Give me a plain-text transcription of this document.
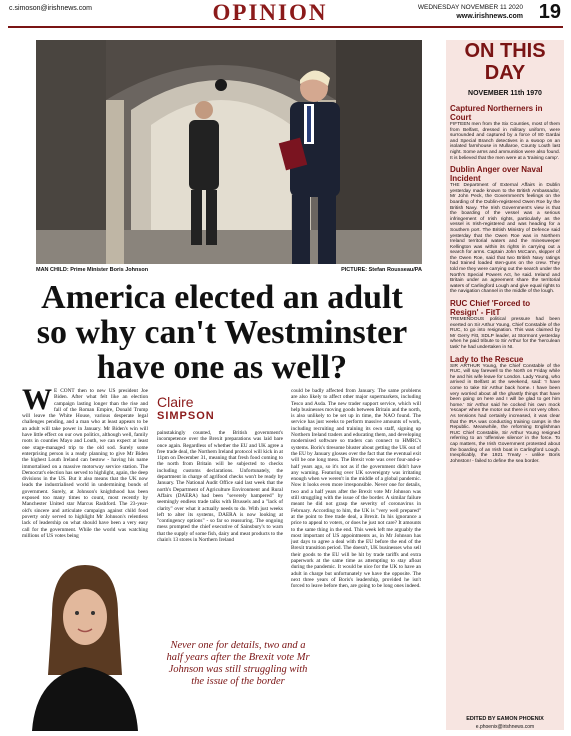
c.simoson@irishnews.com	OPINION	WEDNESDAY NOVEMBER 11 2020
www.irishnews.com 19
MAN CHILD: Prime Minister Boris Johnson	PICTURE: Stefan Rousseau/PA
America elected an adult so why can't Westminster have one as well?
W E CONT then to new US president Joe Biden. After what felt like an election campaign lasting longer than the rise and fall of the Roman Empire, Donald Trump will leave the White House, various desperate legal challenges pending, and a man who at least appears to be an adult will take power in January. Mr Biden's win will have little effect on our own politics, although well, family roots in counties Mayo and Louth, we can expect at least one stage-managed trip to the old sod. Surely some enterprising person is a ready planning to give Mr Biden the highest Louth Ireland can bestow - having his name immortalised on a massive motorway service station. The Democrat's election has served to highlight, again, the deep divisions in the US. But it also means that the UK now leads the industrialised world in undermining bonds of government. Surely, at Johnson's knighthood has been exposed too many times to count, most recently by Manchester United star Marcus Rashford. The 23-year-old's sincere and articulate campaign against child food poverty only served to highlight Mr Johnson's relentless lack of leadership on what should have been a very easy call for the government. While the world was watching millions of US votes being
Claire
SIMPSON
painstakingly counted, the British government's incompetence over the Brexit preparations was laid bare once again. Regardless of whether the EU and UK agree a free trade deal, the Northern Ireland protocol will kick in at 11pm on December 31, meaning that fresh food coming to the north from Britain will be subjected to checks including customs declarations. Unfortunately, the department in charge of agrifood checks won't be ready by January. The National Audit Office said last week that the north's Department of Agriculture Environment and Rural Affairs (DAERA) had been "severely hampered" by seemingly endless trade talks with Brussels and a "lack of clarity" over what it actually needs to do. With just weeks left to alter its systems, DAERA is now looking at "contingency options" - so far so reassuring. The ongoing mess prompted the chief executive of Sainsbury's to warn that the supply of some fish, dairy and meat products to the chain's 13 stores in Northern Ireland
could be badly affected from January. The same problems are also likely to affect other major supermarkets, including Tesco and Asda. The new trader support service, which will help businesses moving goods between Britain and the north, is also unlikely to be set up in time, the NAO found. The service has just weeks to perform massive amounts of work, including recruiting and training its own staff, signing up Northern Ireland traders and educating them, and developing modernised software so traders can connect to HMRC's systems. Boris's tiresome bluster about getting the UK out of the EU by January glosses over the fact that the eventual exit will be one long mess. The Brexit vote was over four-and-a-half years ago, so it's not as if the government didn't have any warning. Featuring over UK sovereignty was irritating enough when we weren't in the middle of a global pandemic. Now it looks even more irresponsible. Never one for details, two and a half years after the Brexit vote Mr Johnson was still struggling with the issue of the border. A similar failure meant he did not grasp the severity of coronavirus in February. According to him, the UK is "very well prepared" at the point to free trade deal, a Brexit. In his ignorance a price to appeal to voters, or does he just not care? It amounts to the same thing in the end. This week left me arguably the most important of US appointments as, in Mr Johnson has just days to agree a deal with the EU before the end of the Brexit transition period. The doesn't, UK businesses who sell their goods to the EU will be hit by trade tariffs and extra paperwork at the same time as attempting to stay afloat during the pandemic. It would be nice for the UK to have an adult in charge but unfortunately we have the opposite. The next three years of Boris's leadership, provided he isn't forced to leave before then, are going to be long ones indeed.
Never one for details, two and a half years after the Brexit vote Mr Johnson was still struggling with the issue of the border
ON THIS
DAY
NOVEMBER 11th 1970
Captured Northerners in Court
FIFTEEN men from the Six Counties, most of them from Belfast, dressed in military uniform, were surrounded and captured by a force of 80 Gardai and Special Branch detectives in a swoop on an isolated farmhouse in Mullaroe, County Louth last night. Some arms and ammunition were also found. It is believed that the men were at a 'training camp'.
Dublin Anger over Naval Incident
THE Department of External Affairs in Dublin yesterday made known to the British Ambassador, Mr John Peck, the Government's feelings on the boarding of the Dublin-registered Owen Roe by the British Navy. The Irish Government's view is that the boarding of the vessel was a serious infringement of Irish rights, particularly as the vessel is Irish-registered and was heading for a Southern port. The British Ministry of Defence said yesterday that the Owen Roe was in Northern Ireland territorial waters and the minesweeper Kellington was within its rights in carrying out a search for arms. Captain John McCann, skipper of the Owen Roe, said that two British Navy ratings had trained loaded sten-guns on the crew. They told me they were carrying out the search under the North's Special Powers Act, he said. Ireland and Britain under an agreement share the territorial waters of Carlingford Lough and give equal rights to the navigation channel in the middle of the lough.
RUC Chief 'Forced to Resign' - FitT
TREMENDOUS political pressure had been exerted on Sir Arthur Young, Chief Constable of the RUC, to go into resignation. This was claimed by Mr Gerry Fitt, SDLP leader, at Stormont yesterday when he paid tribute to Sir Arthur for the 'herculean task' he had undertaken in NI.
Lady to the Rescue
SIR ARTHUR Young, the Chief Constable of the RUC, will say farewell to the North on Friday while he and his wife leave for London. Lady Young, who arrived in Belfast at the weekend, said: 'I have come to take Sir Arthur back home. I have been very worried about all the ghastly things that have been going on here and I will be glad to get him home.' Sir Arthur said he cocked his own mock 'escape' when the motor out there is not very often. As tensions had certainly increased, it was clear that the IRA was conducting training camps in the Republic. Meanwhile, the reforming Englishman RUC Chief Constable, Sir Arthur Young resigned referring to an 'offensive silence' in the force. To cap matters, the Irish Government protested about the boarding of an Irish boat in Carlingford Lough. Inexplicably, the 1921 Treaty - unlike Boris Johnston! - failed to define the sea border.
EDITED BY EAMON PHOENIX
e.phoenix@irishnews.com
